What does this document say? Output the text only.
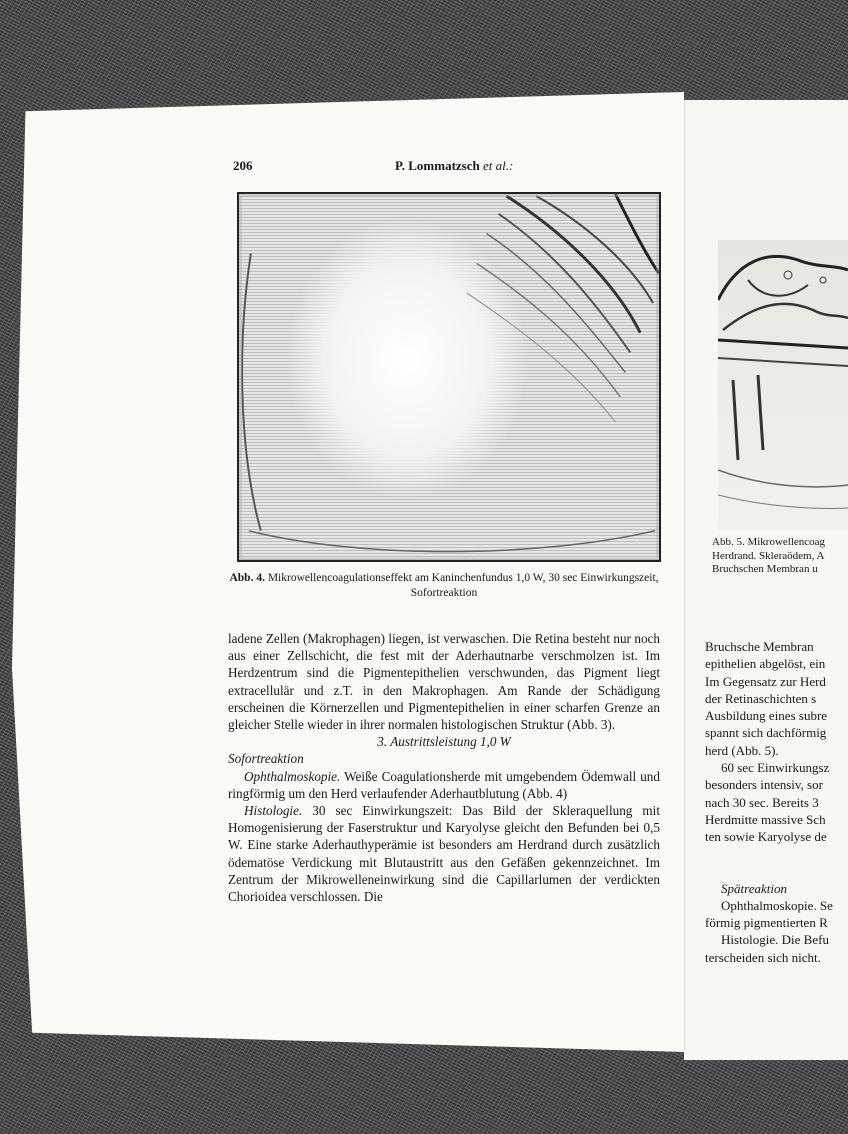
206	P. Lommatzsch et al.:
Abb. 4. Mikrowellencoagulationseffekt am Kaninchenfundus 1,0 W, 30 sec Einwirkungszeit, Sofortreaktion

ladene Zellen (Makrophagen) liegen, ist verwaschen. Die Retina besteht nur noch aus einer Zellschicht, die fest mit der Aderhautnarbe verschmolzen ist. Im Herdzentrum sind die Pigmentepithelien verschwunden, das Pigment liegt extracellulär und z.T. in den Makrophagen. Am Rande der Schädigung erscheinen die Körnerzellen und Pigmentepithelien in einer scharfen Grenze an gleicher Stelle wieder in ihrer normalen histologischen Struktur (Abb. 3).

3. Austrittsleistung 1,0 W

Sofortreaktion

Ophthalmoskopie. Weiße Coagulationsherde mit umgebendem Ödemwall und ringförmig um den Herd verlaufender Aderhautblutung (Abb. 4)

Histologie. 30 sec Einwirkungszeit: Das Bild der Skleraquellung mit Homogenisierung der Faserstruktur und Karyolyse gleicht den Befunden bei 0,5 W. Eine starke Aderhauthyperämie ist besonders am Herdrand durch zusätzlich ödematöse Verdickung mit Blutaustritt aus den Gefäßen gekennzeichnet. Im Zentrum der Mikrowelleneinwirkung sind die Capillarlumen der verdickten Chorioidea verschlossen. Die

Abb. 5. Mikrowellencoag
Herdrand. Skleraödem, A
Bruchschen Membran u

Bruchsche Membran

epithelien abgelöst, ein

Im Gegensatz zur Herd

der Retinaschichten s

Ausbildung eines subre

spannt sich dachförmig

herd (Abb. 5).

60 sec Einwirkungsz

besonders intensiv, sor

nach 30 sec. Bereits 3

Herdmitte massive Sch

ten sowie Karyolyse de

Spätreaktion

Ophthalmoskopie. Se

förmig pigmentierten R

Histologie. Die Befu

terscheiden sich nicht.
